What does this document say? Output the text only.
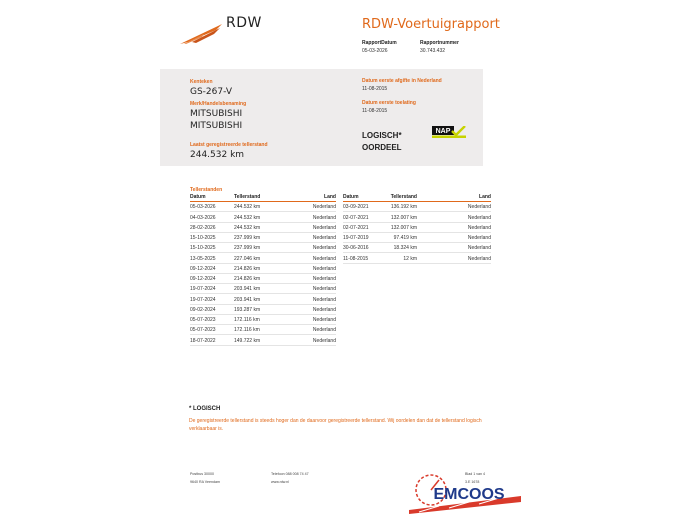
RDW	RDW-Voertuigrapport
RapportDatum
05-03-2026
Rapportnummer
30.743.432
Kenteken
GS-267-V
Merk/Handelsbenaming
MITSUBISHI
MITSUBISHI
Laatst geregistreerde tellerstand
244.532 km
Datum eerste afgifte in Nederland
11-08-2015
Datum eerste toelating
11-08-2015
LOGISCH*
OORDEEL
NAP
Tellerstanden
Datum	Tellerstand	Land
05-03-2026	244.532 km	Nederland
04-03-2026	244.532 km	Nederland
28-02-2026	244.532 km	Nederland
15-10-2025	237.999 km	Nederland
15-10-2025	237.999 km	Nederland
13-05-2025	227.046 km	Nederland
09-12-2024	214.826 km	Nederland
09-12-2024	214.826 km	Nederland
19-07-2024	203.941 km	Nederland
19-07-2024	203.941 km	Nederland
09-02-2024	193.287 km	Nederland
05-07-2023	172.116 km	Nederland
05-07-2023	172.116 km	Nederland
18-07-2022	149.722 km	Nederland
Datum	Tellerstand	Land
03-09-2021	136.192 km	Nederland
02-07-2021	132.007 km	Nederland
02-07-2021	132.007 km	Nederland
19-07-2019	97.419 km	Nederland
30-06-2016	18.324 km	Nederland
11-08-2015	12 km	Nederland
* LOGISCH
De geregistreerde tellerstand is steeds hoger dan de daarvoor geregistreerde tellerstand. Wij oordelen dan dat de tellerstand logisch verklaarbaar is.
Postbus 30000
9640 RA Veendam
Telefoon 088 008 74 47
www.rdw.nl
Blad 1 van 4
3.E 1678
EMCOOS
